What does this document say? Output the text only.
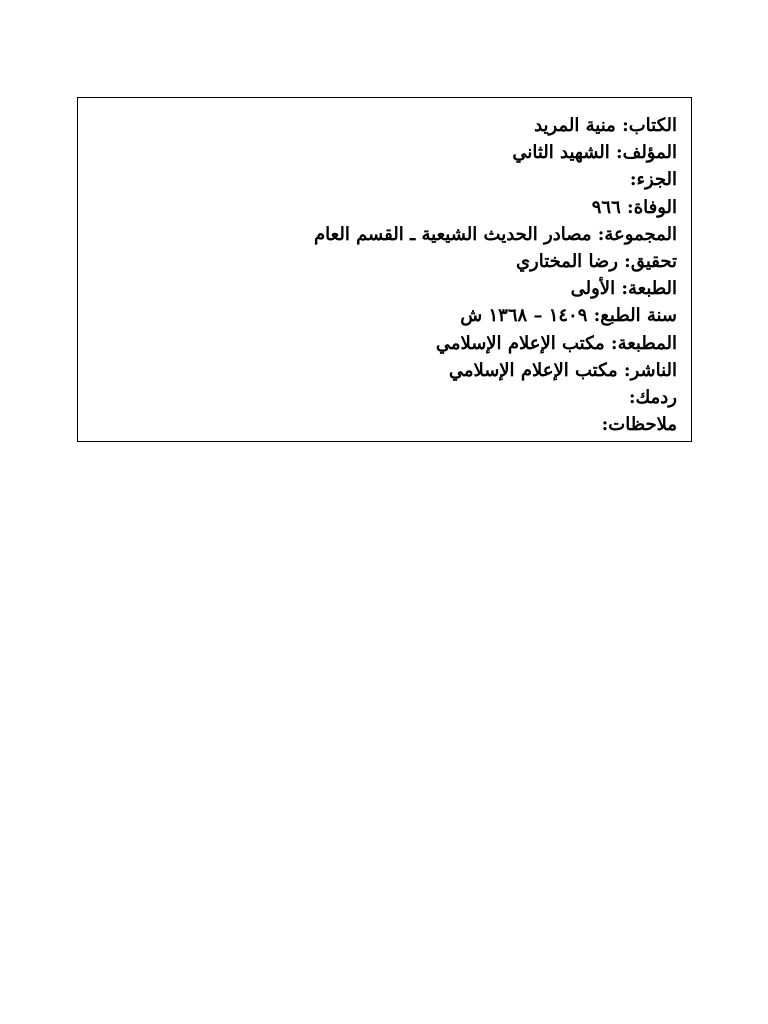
الكتاب: منية المريد
المؤلف: الشهيد الثاني
الجزء:
الوفاة: ٩٦٦
المجموعة: مصادر الحديث الشيعية ـ القسم العام
تحقيق: رضا المختاري
الطبعة: الأولى
سنة الطبع: ١٤٠٩ – ١٣٦٨ ش
المطبعة: مكتب الإعلام الإسلامي
الناشر: مكتب الإعلام الإسلامي
ردمك:
ملاحظات:
